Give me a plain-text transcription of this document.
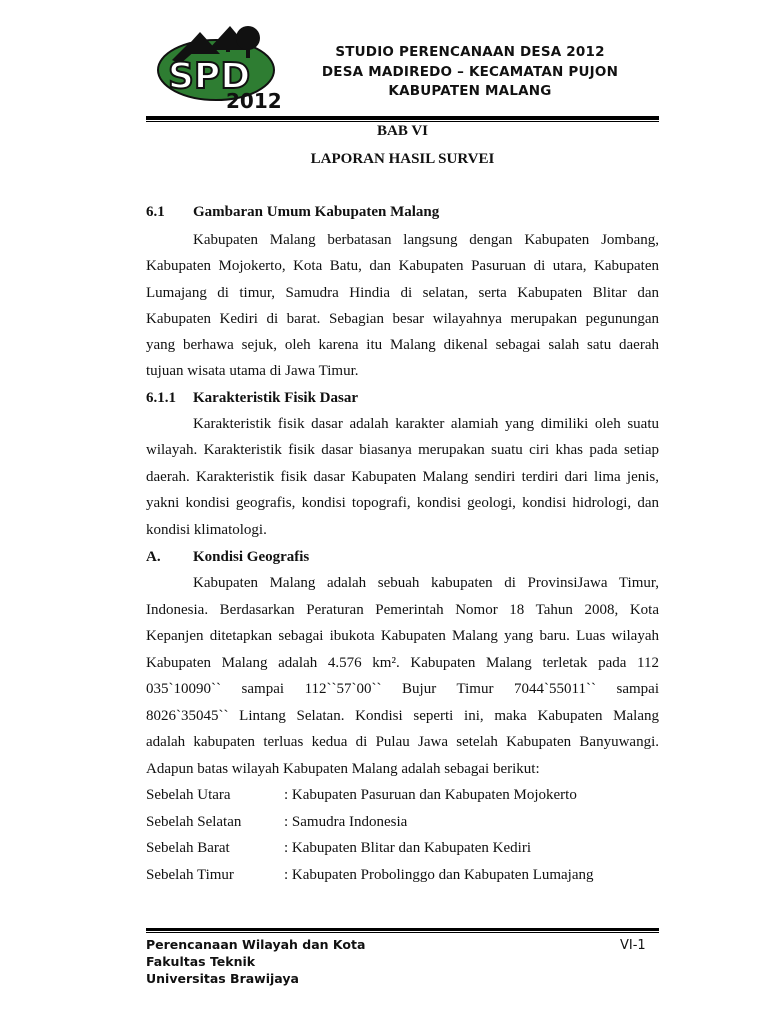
SPD
2012
STUDIO PERENCANAAN DESA 2012
DESA MADIREDO – KECAMATAN PUJON
KABUPATEN MALANG
BAB VI
LAPORAN HASIL SURVEI
6.1 Gambaran Umum Kabupaten Malang
Kabupaten Malang berbatasan langsung dengan Kabupaten Jombang,
Kabupaten Mojokerto, Kota Batu, dan Kabupaten Pasuruan di utara, Kabupaten
Lumajang di timur, Samudra Hindia di selatan, serta Kabupaten Blitar dan
Kabupaten Kediri di barat. Sebagian besar wilayahnya merupakan pegunungan
yang berhawa sejuk, oleh karena itu Malang dikenal sebagai salah satu daerah
tujuan wisata utama di Jawa Timur.
6.1.1 Karakteristik Fisik Dasar
Karakteristik fisik dasar adalah karakter alamiah yang dimiliki oleh suatu
wilayah. Karakteristik fisik dasar biasanya merupakan suatu ciri khas pada setiap
daerah. Karakteristik fisik dasar Kabupaten Malang sendiri terdiri dari lima jenis,
yakni kondisi geografis, kondisi topografi, kondisi geologi, kondisi hidrologi, dan
kondisi klimatologi.
A. Kondisi Geografis
Kabupaten Malang adalah sebuah kabupaten di ProvinsiJawa Timur,
Indonesia. Berdasarkan Peraturan Pemerintah Nomor 18 Tahun 2008, Kota
Kepanjen ditetapkan sebagai ibukota Kabupaten Malang yang baru. Luas wilayah
Kabupaten Malang adalah 4.576 km². Kabupaten Malang terletak pada 112
035`10090`` sampai 112``57`00`` Bujur Timur 7044`55011`` sampai
8026`35045`` Lintang Selatan. Kondisi seperti ini, maka Kabupaten Malang
adalah kabupaten terluas kedua di Pulau Jawa setelah Kabupaten Banyuwangi.
Adapun batas wilayah Kabupaten Malang adalah sebagai berikut:
Sebelah Utara	: Kabupaten Pasuruan dan Kabupaten Mojokerto
Sebelah Selatan	: Samudra Indonesia
Sebelah Barat	: Kabupaten Blitar dan Kabupaten Kediri
Sebelah Timur	: Kabupaten Probolinggo dan Kabupaten Lumajang
Perencanaan Wilayah dan Kota
Fakultas Teknik
Universitas Brawijaya
VI-1
